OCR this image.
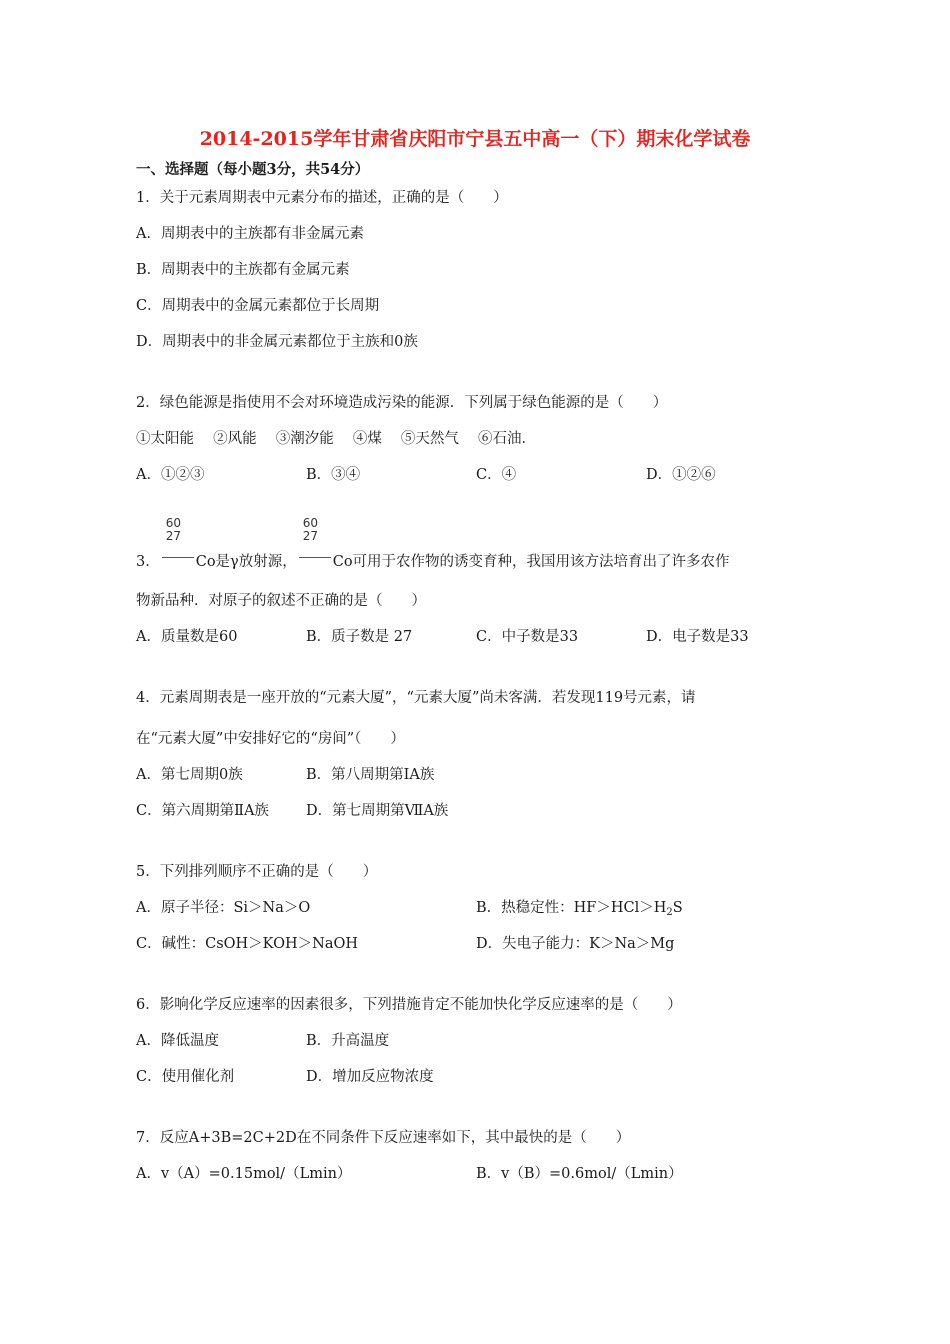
2014-2015学年甘肃省庆阳市宁县五中高一（下）期末化学试卷
一、选择题（每小题3分，共54分）
1．关于元素周期表中元素分布的描述，正确的是（　　）
A．周期表中的主族都有非金属元素
B．周期表中的主族都有金属元素
C．周期表中的金属元素都位于长周期
D．周期表中的非金属元素都位于主族和0族
2．绿色能源是指使用不会对环境造成污染的能源．下列属于绿色能源的是（　　）
①太阳能　 ②风能　 ③潮汐能　 ④煤　 ⑤天然气　 ⑥石油．
A．①②③	B．③④	C．④	D．①②⑥
3．
60
27
Co是γ放射源，
60
27
Co可用于农作物的诱变育种，我国用该方法培育出了许多农作
物新品种．对原子的叙述不正确的是（　　）
A．质量数是60	B．质子数是 27	C．中子数是33	D．电子数是33
4．元素周期表是一座开放的“元素大厦”，“元素大厦”尚未客满．若发现119号元素，请
在“元素大厦”中安排好它的“房间”（　　）
A．第七周期0族	B．第八周期第ⅠA族
C．第六周期第ⅡA族	D．第七周期第ⅦA族
5．下列排列顺序不正确的是（　　）
A．原子半径：Si＞Na＞O	B．热稳定性：$HF>HCl>H_2S$
C．碱性：CsOH＞KOH＞NaOH	D．失电子能力：K＞Na＞Mg
6．影响化学反应速率的因素很多，下列措施肯定不能加快化学反应速率的是（　　）
A．降低温度	B．升高温度
C．使用催化剂	D．增加反应物浓度
7．反应A+3B=2C+2D在不同条件下反应速率如下，其中最快的是（　　）
A．v（A）=0.15mol/（Lmin）	B．v（B）=0.6mol/（Lmin）
